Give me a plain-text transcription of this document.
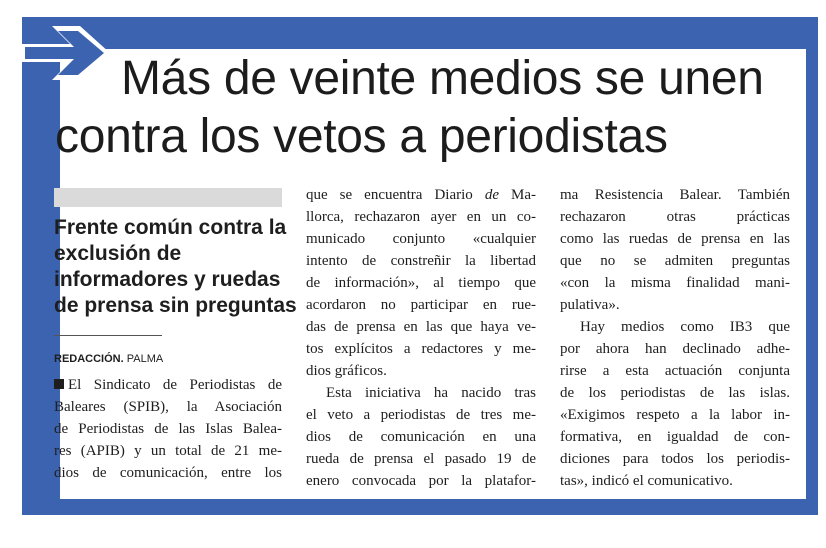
Más de veinte medios se unen
contra los vetos a periodistas
Frente común contra la
exclusión de
informadores y ruedas
de prensa sin preguntas
REDACCIÓN. PALMA
El Sindicato de Periodistas de
Baleares (SPIB), la Asociación
de Periodistas de las Islas Balea-
res (APIB) y un total de 21 me-
dios de comunicación, entre los
que se encuentra Diario de Ma-
llorca, rechazaron ayer en un co-
municado conjunto «cualquier
intento de constreñir la libertad
de información», al tiempo que
acordaron no participar en rue-
das de prensa en las que haya ve-
tos explícitos a redactores y me-
dios gráficos.
Esta iniciativa ha nacido tras
el veto a periodistas de tres me-
dios de comunicación en una
rueda de prensa el pasado 19 de
enero convocada por la platafor-
ma Resistencia Balear. También
rechazaron otras prácticas
como las ruedas de prensa en las
que no se admiten preguntas
«con la misma finalidad mani-
pulativa».
Hay medios como IB3 que
por ahora han declinado adhe-
rirse a esta actuación conjunta
de los periodistas de las islas.
«Exigimos respeto a la labor in-
formativa, en igualdad de con-
diciones para todos los periodis-
tas», indicó el comunicativo.
